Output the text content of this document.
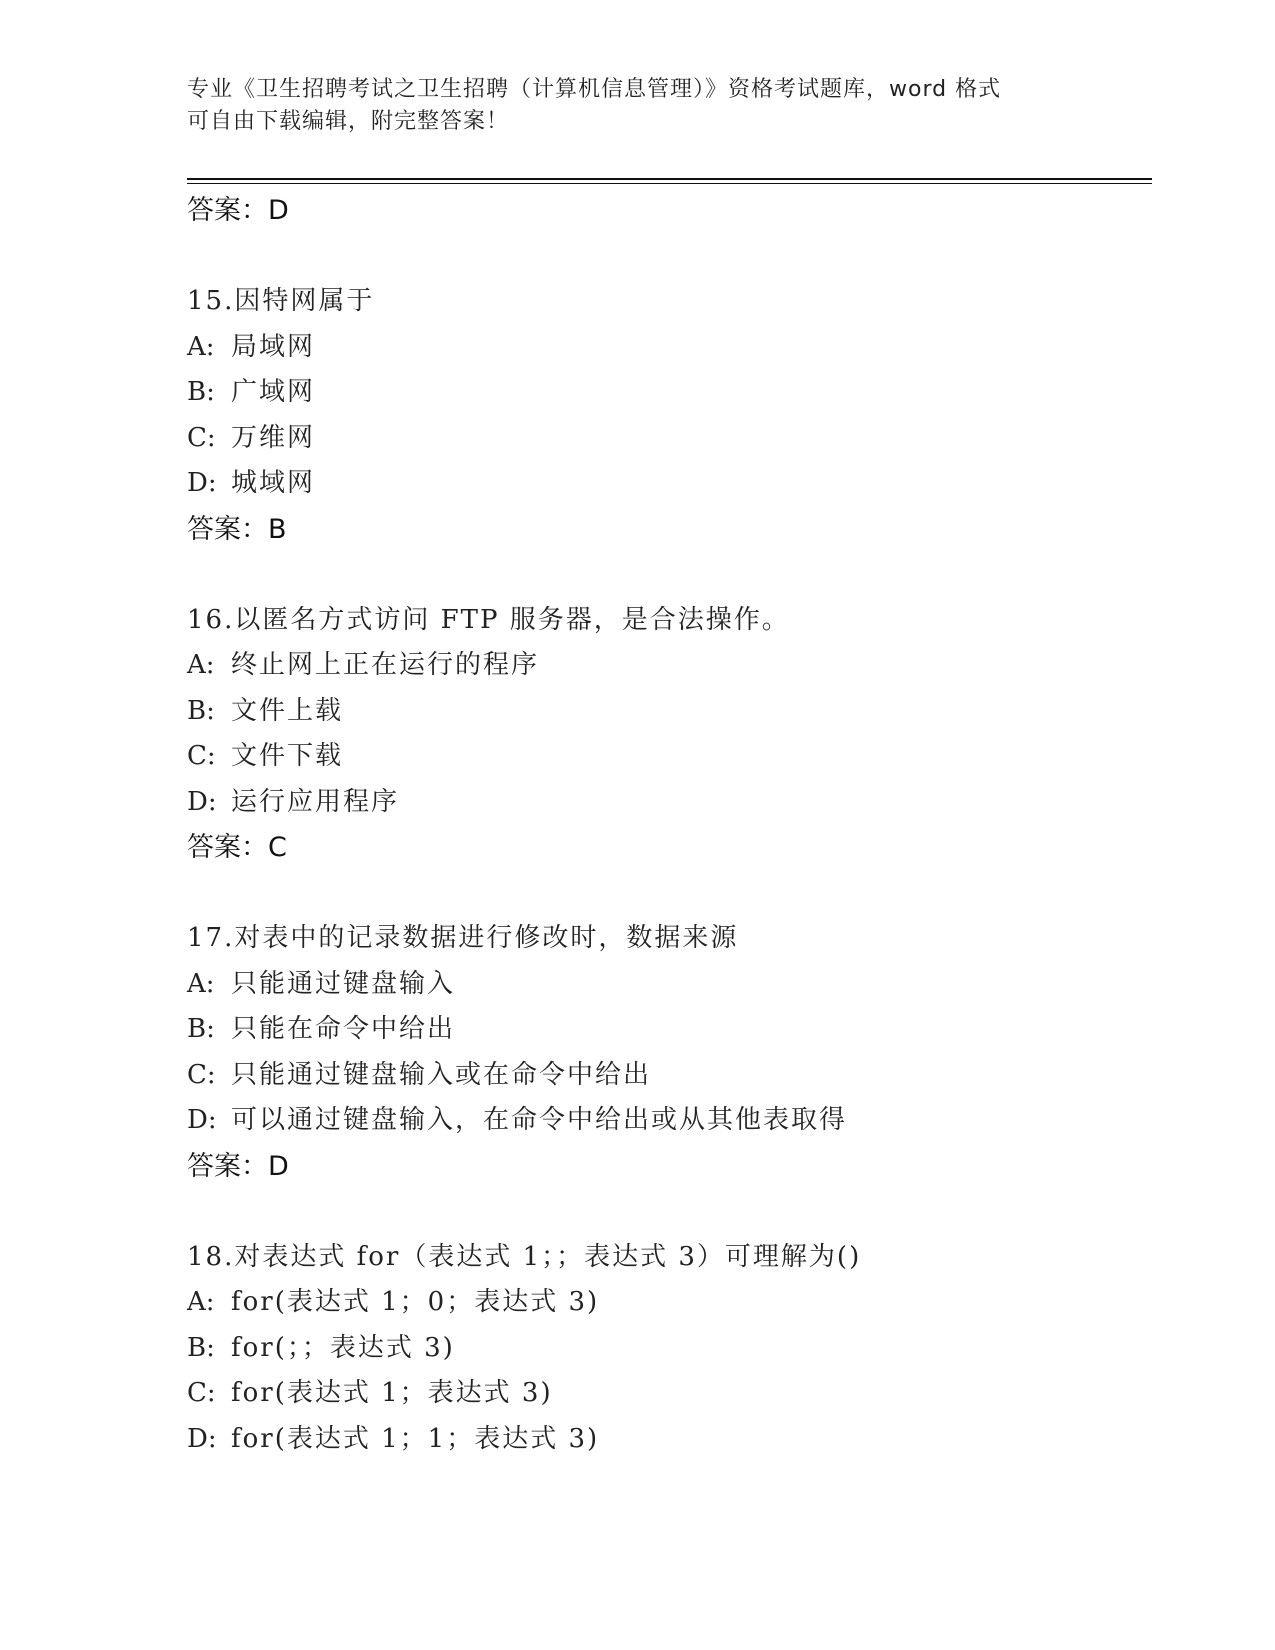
专业《卫生招聘考试之卫生招聘（计算机信息管理）》资格考试题库，word 格式
可自由下载编辑，附完整答案！
答案：D
15.因特网属于
A: 局域网
B: 广域网
C: 万维网
D: 城域网
答案：B
16.以匿名方式访问 FTP 服务器，是合法操作。
A: 终止网上正在运行的程序
B: 文件上载
C: 文件下载
D: 运行应用程序
答案：C
17.对表中的记录数据进行修改时，数据来源
A: 只能通过键盘输入
B: 只能在命令中给出
C: 只能通过键盘输入或在命令中给出
D: 可以通过键盘输入，在命令中给出或从其他表取得
答案：D
18.对表达式 for（表达式 1；；表达式 3）可理解为()
A: for(表达式 1；0；表达式 3)
B: for(；；表达式 3)
C: for(表达式 1；表达式 3)
D: for(表达式 1；1；表达式 3)
